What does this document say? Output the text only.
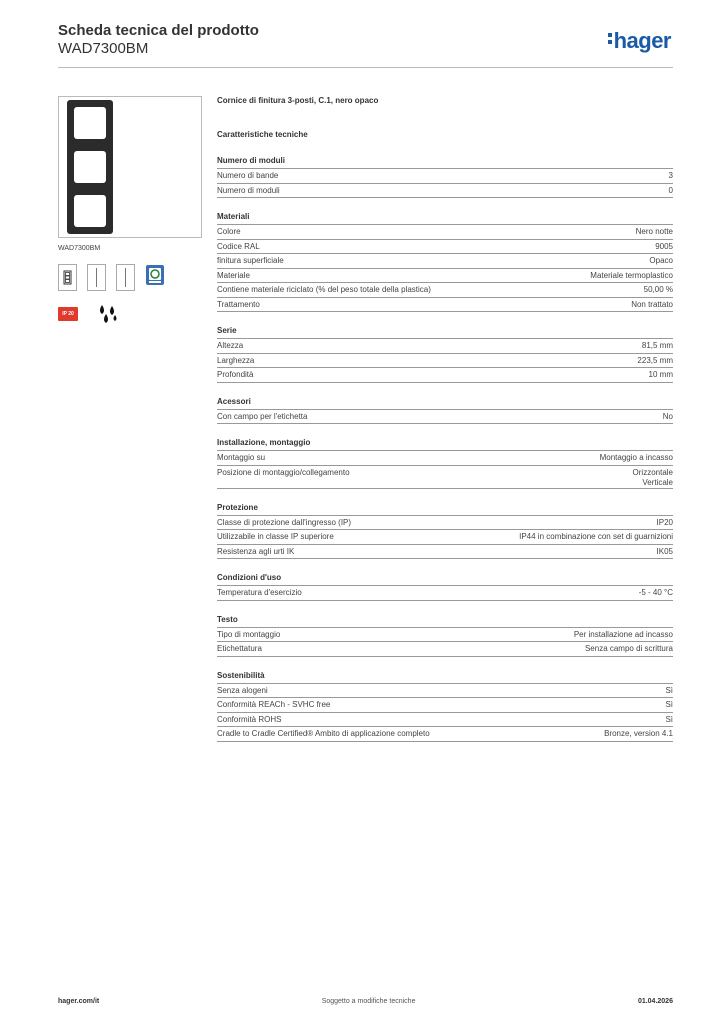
Scheda tecnica del prodotto
WAD7300BM	hager
WAD7300BM
IP 20
Cornice di finitura 3-posti, C.1, nero opaco
Caratteristiche tecniche
Numero di moduli
Numero di bande	3
Numero di moduli	0
Materiali
Colore	Nero notte
Codice RAL	9005
finitura superficiale	Opaco
Materiale	Materiale termoplastico
Contiene materiale riciclato (% del peso totale della plastica)	50,00 %
Trattamento	Non trattato
Serie
Altezza	81,5 mm
Larghezza	223,5 mm
Profondità	10 mm
Acessori
Con campo per l'etichetta	No
Installazione, montaggio
Montaggio su	Montaggio a incasso
Posizione di montaggio/collegamento	Orizzontale
Verticale
Protezione
Classe di protezione dall'ingresso (IP)	IP20
Utilizzabile in classe IP superiore	IP44 in combinazione con set di guarnizioni
Resistenza agli urti IK	IK05
Condizioni d'uso
Temperatura d'esercizio	-5 - 40 °C
Testo
Tipo di montaggio	Per installazione ad incasso
Etichettatura	Senza campo di scrittura
Sostenibilità
Senza alogeni	Sì
Conformità REACh - SVHC free	Sì
Conformità ROHS	Sì
Cradle to Cradle Certified® Ambito di applicazione completo	Bronze, version 4.1
hager.com/it	Soggetto a modifiche tecniche	01.04.2026
